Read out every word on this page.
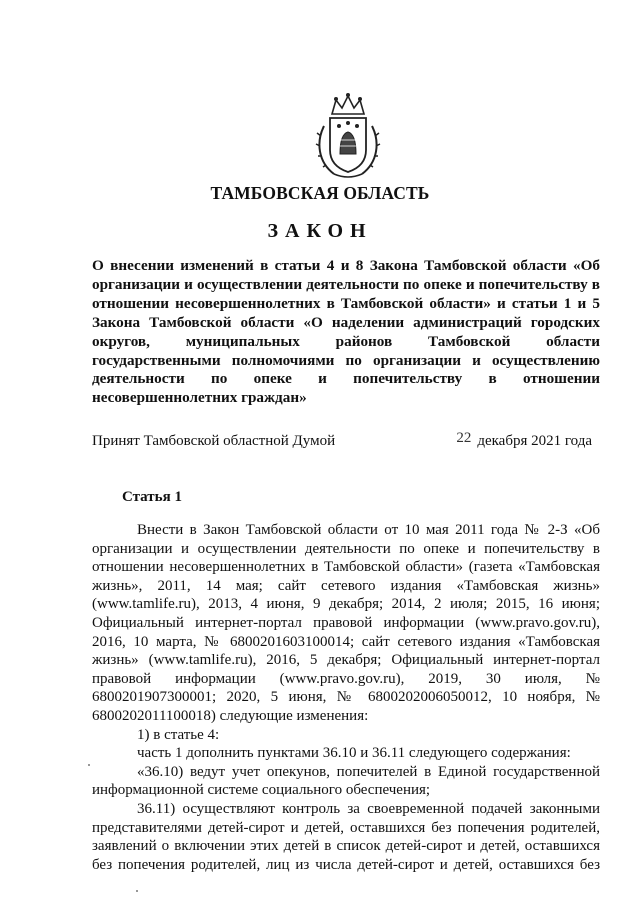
ТАМБОВСКАЯ ОБЛАСТЬ
ЗАКОН
О внесении изменений в статьи 4 и 8 Закона Тамбовской области «Об организации и осуществлении деятельности по опеке и попечительству в отношении несовершеннолетних в Тамбовской области» и статьи 1 и 5 Закона Тамбовской области «О наделении администраций городских округов, муниципальных районов Тамбовской области государственными полномочиями по организации и осуществлению деятельности по опеке и попечительству в отношении несовершеннолетних граждан»
Принят Тамбовской областной Думой	22 декабря 2021 года
Статья 1

Внести в Закон Тамбовской области от 10 мая 2011 года № 2-З «Об организации и осуществлении деятельности по опеке и попечительству в отношении несовершеннолетних в Тамбовской области» (газета «Тамбовская жизнь», 2011, 14 мая; сайт сетевого издания «Тамбовская жизнь» (www.tamlife.ru), 2013, 4 июня, 9 декабря; 2014, 2 июля; 2015, 16 июня; Официальный интернет-портал правовой информации (www.pravo.gov.ru), 2016, 10 марта, № 6800201603100014; сайт сетевого издания «Тамбовская жизнь» (www.tamlife.ru), 2016, 5 декабря; Официальный интернет-портал правовой информации (www.pravo.gov.ru), 2019, 30 июля, № 6800201907300001; 2020, 5 июня, № 6800202006050012, 10 ноября, № 6800202011100018) следующие изменения:

1) в статье 4:

часть 1 дополнить пунктами 36.10 и 36.11 следующего содержания:

«36.10) ведут учет опекунов, попечителей в Единой государственной информационной системе социального обеспечения;

36.11) осуществляют контроль за своевременной подачей законными представителями детей-сирот и детей, оставшихся без попечения родителей, заявлений о включении этих детей в список детей-сирот и детей, оставшихся без попечения родителей, лиц из числа детей-сирот и детей, оставшихся без
